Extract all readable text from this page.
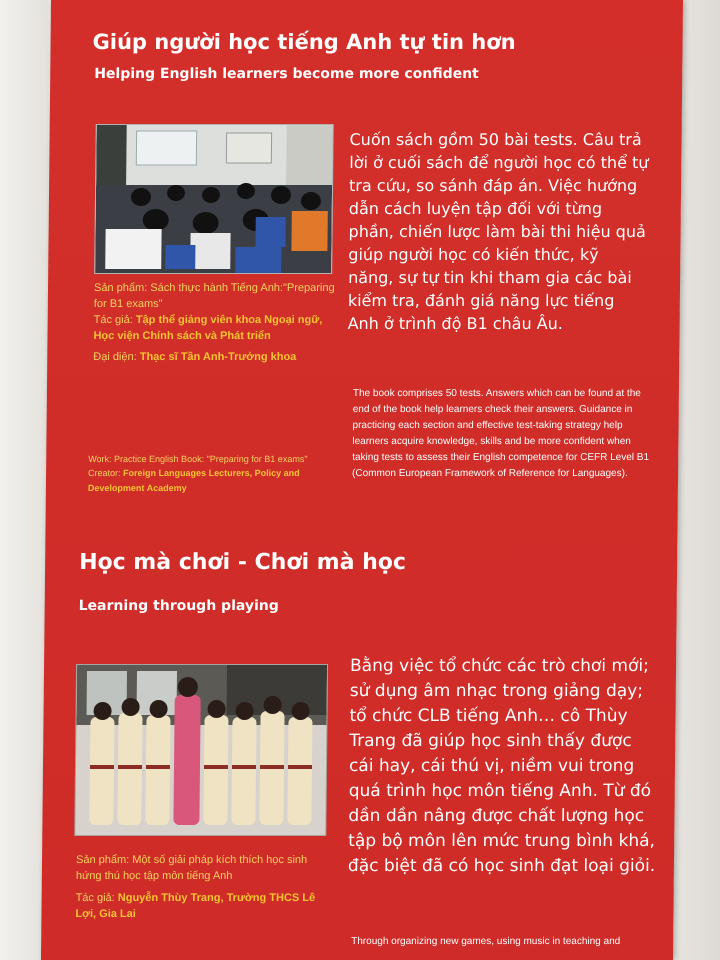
Giúp người học tiếng Anh tự tin hơn
Helping English learners become more confident
Sản phẩm: Sách thực hành Tiếng Anh:"Preparing for B1 exams"
Tác giả: Tập thể giảng viên khoa Ngoại ngữ, Học viện Chính sách và Phát triển
Đại diện: Thạc sĩ Tần Anh-Trưởng khoa
Cuốn sách gồm 50 bài tests. Câu trả lời ở cuối sách để người học có thể tự tra cứu, so sánh đáp án. Việc hướng dẫn cách luyện tập đối với từng phần, chiến lược làm bài thi hiệu quả giúp người học có kiến thức, kỹ năng, sự tự tin khi tham gia các bài kiểm tra, đánh giá năng lực tiếng Anh ở trình độ B1 châu Âu.
The book comprises 50 tests. Answers which can be found at the end of the book help learners check their answers. Guidance in practicing each section and effective test-taking strategy help learners acquire knowledge, skills and be more confident when taking tests to assess their English competence for CEFR Level B1 (Common European Framework of Reference for Languages).
Work: Practice English Book: "Preparing for B1 exams"
Creator: Foreign Languages Lecturers, Policy and Development Academy
Học mà chơi - Chơi mà học
Learning through playing
Sản phẩm: Một số giải pháp kích thích học sinh hứng thú học tập môn tiếng Anh
Tác giả: Nguyễn Thùy Trang, Trường THCS Lê Lợi, Gia Lai
Bằng việc tổ chức các trò chơi mới; sử dụng âm nhạc trong giảng dạy; tổ chức CLB tiếng Anh… cô Thùy Trang đã giúp học sinh thấy được cái hay, cái thú vị, niềm vui trong quá trình học môn tiếng Anh. Từ đó dần dần nâng được chất lượng học tập bộ môn lên mức trung bình khá, đặc biệt đã có học sinh đạt loại giỏi.
Through organizing new games, using music in teaching and
